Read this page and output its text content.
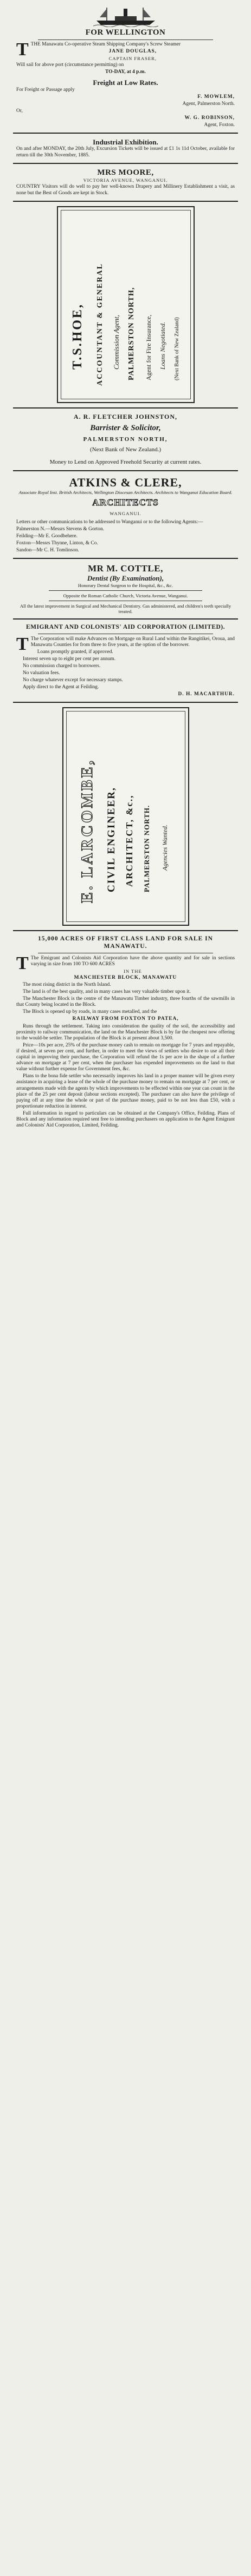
FOR WELLINGTON

TTHE Manawatu Co-operative Steam Shipping Company's Screw Steamer

JANE DOUGLAS,

CAPTAIN FRASER,

Will sail for above port (circumstance permitting) on

TO-DAY, at 4 p.m.

Freight at Low Rates.

For Freight or Passage apply

F. MOWLEM,

Agent, Palmerston North.

Or,

W. G. ROBINSON,

Agent, Foxton.

Industrial Exhibition.

On and after MONDAY, the 20th July, Excursion Tickets will be issued at £1 1s 11d October, available for return till the 30th November, 1885.

MRS MOORE,

VICTORIA AVENUE, WANGANUI.

COUNTRY Visitors will do well to pay her well-known Drapery and Millinery Establishment a visit, as none but the Best of Goods are kept in Stock.

T.S.HOE, ACCOUNTANT & GENERAL Commission Agent, PALMERSTON NORTH, Agent for Fire Insurance, Loans Negotiated. (Next Bank of New Zealand)
A. R. FLETCHER JOHNSTON,
Barrister & Solicitor,

PALMERSTON NORTH,

(Next Bank of New Zealand.)

Money to Lend on Approved Freehold Security at current rates.

ATKINS & CLERE,

Associate Royal Inst. British Architects, Wellington Diocesan Architects. Architects to Wanganui Education Board.

ARCHITECTS

WANGANUI.

Letters or other communications to be addressed to Wanganui or to the following Agents:—

Palmerston N.—Messrs Stevens & Gorton.

Feilding—Mr E. Goodbehere.

Foxton—Messrs Thynne, Linton, & Co.

Sandon—Mr C. H. Tomlinson.

MR M. COTTLE,
Dentist (By Examination),

Honorary Dental Surgeon to the Hospital, &c., &c.

Opposite the Roman Catholic Church, Victoria Avenue, Wanganui.

All the latest improvement in Surgical and Mechanical Dentistry. Gas administered, and children's teeth specially treated.

EMIGRANT AND COLONISTS' AID CORPORATION (LIMITED).

T The Corporation will make Advances on Mortgage on Rural Land within the Rangitikei, Oroua, and Manawatu Counties for from three to five years, at the option of the borrower.

Loans promptly granted, if approved.

Interest seven up to eight per cent per annum.

No commission charged to borrowers.

No valuation fees.

No charge whatever except for necessary stamps.

Apply direct to the Agent at Feilding.

D. H. MACARTHUR.

E. LARCOMBE, CIVIL ENGINEER, ARCHITECT, &c., PALMERSTON NORTH. Agencies Wanted.
15,000 ACRES OF FIRST CLASS LAND FOR SALE IN MANAWATU.

T The Emigrant and Colonists Aid Corporation have the above quantity and for sale in sections varying in size from 100 TO 600 ACRES

IN THE

MANCHESTER BLOCK, MANAWATU

The most rising district in the North Island.

The land is of the best quality, and in many cases has very valuable timber upon it.

The Manchester Block is the centre of the Manawatu Timber industry, three fourths of the sawmills in that County being located in the Block.

The Block is opened up by roads, in many cases metalled, and the

RAILWAY FROM FOXTON TO PATEA,

Runs through the settlement. Taking into consideration the quality of the soil, the accessibility and proximity to railway communication, the land on the Manchester Block is by far the cheapest now offering to the would-be settler. The population of the Block is at present about 3,500.

Price—10s per acre, 25% of the purchase money cash to remain on mortgage for 7 years and repayable, if desired, at seven per cent, and further, in order to meet the views of settlers who desire to use all their capital in improving their purchase, the Corporation will refund the 1s per acre in the shape of a further advance on mortgage at 7 per cent, when the purchaser has expended improvements on the land to that value without further expense for Government fees, &c.

Plans to the bona fide settler who necessarily improves his land in a proper manner will be given every assistance in acquiring a lease of the whole of the purchase money to remain on mortgage at 7 per cent, or arrangements made with the agents by which improvements to be effected within one year can count in the place of the 25 per cent deposit (labour sections excepted). The purchaser can also have the privilege of paying off at any time the whole or part of the purchase money, paid to be not less than £50, with a proportionate reduction in interest.

Full information in regard to particulars can be obtained at the Company's Office, Feilding. Plans of Block and any information required sent free to intending purchasers on application to the Agent Emigrant and Colonists' Aid Corporation, Limited, Feilding.
